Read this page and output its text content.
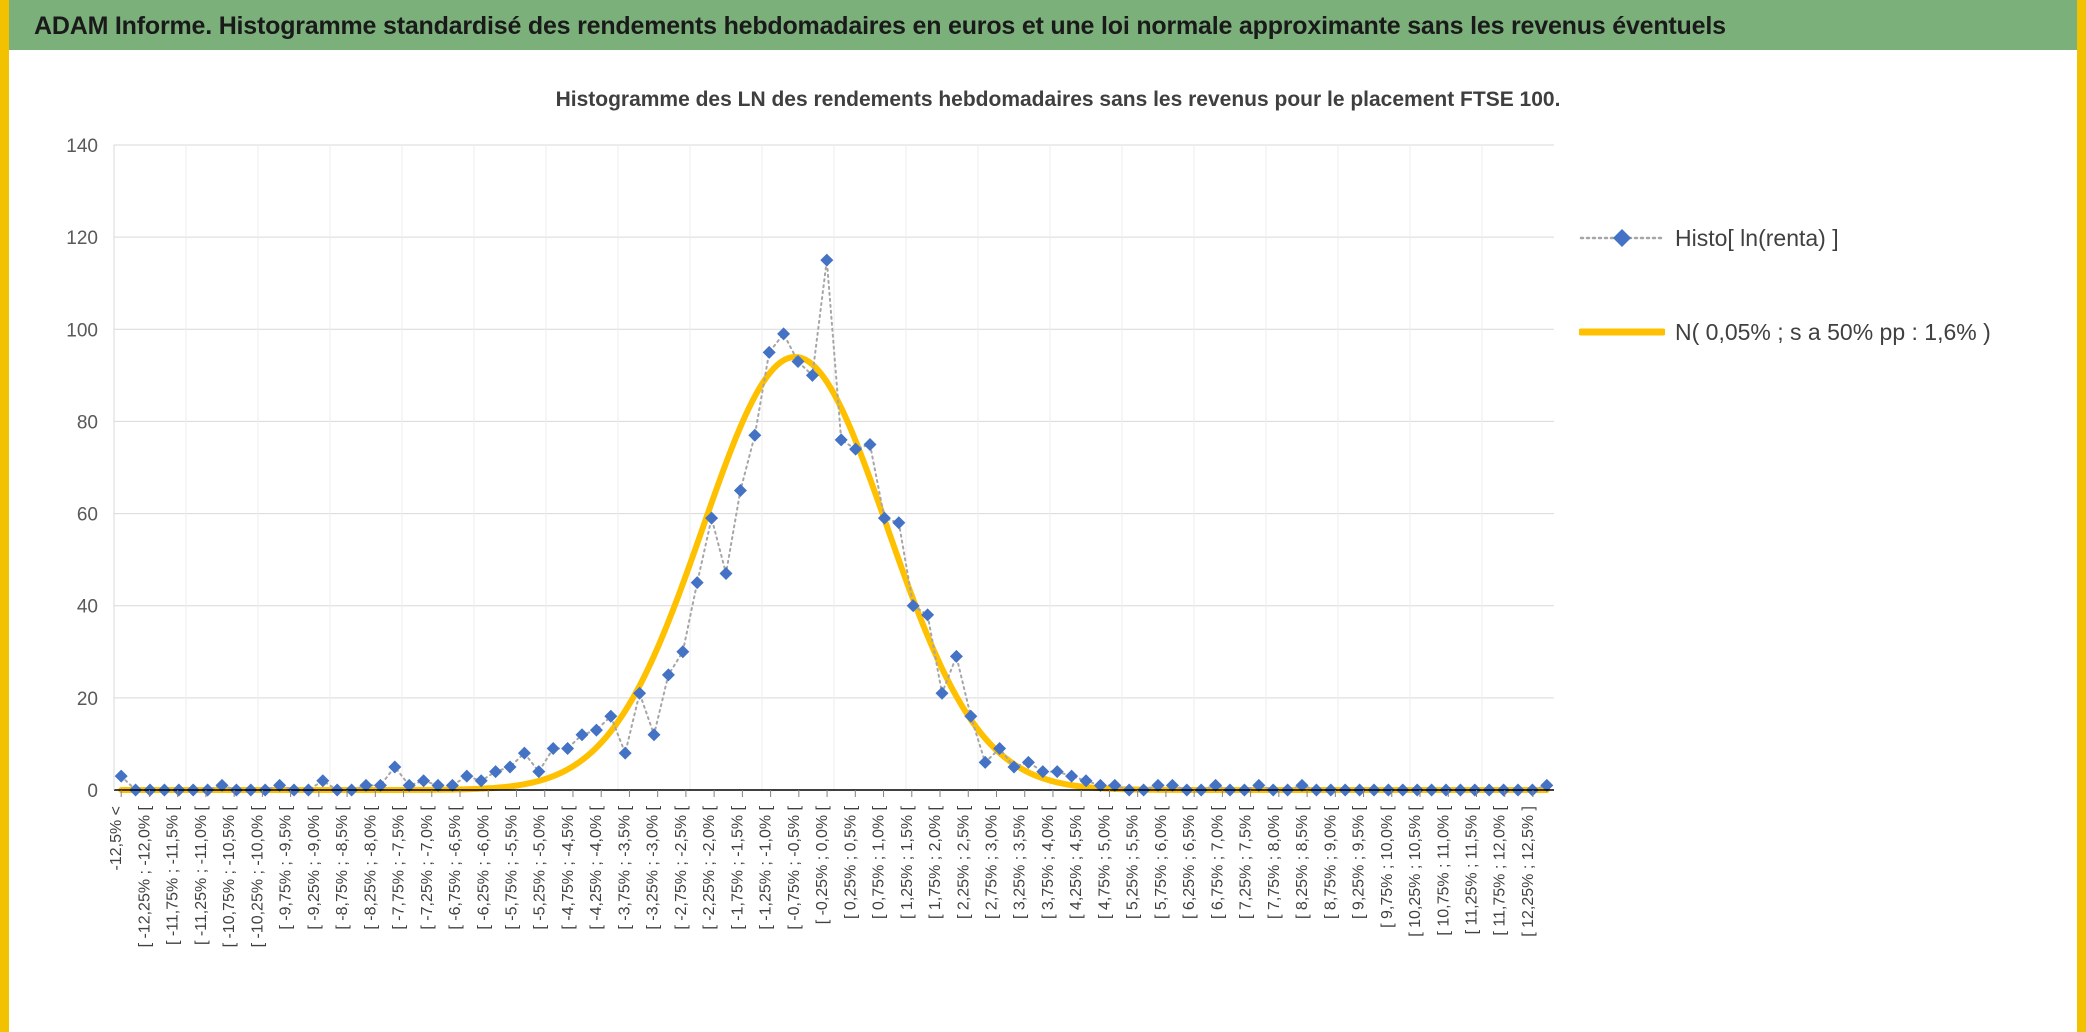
ADAM Informe. Histogramme standardisé des rendements hebdomadaires en euros et une loi normale approximante sans les revenus éventuels
Histogramme des LN des rendements hebdomadaires sans les revenus pour le placement FTSE 100.
0
20
40
60
80
100
120
140
-12,5% < [ -12,25% ; -12,0% [ [ -11,75% ; -11,5% [ [ -11,25% ; -11,0% [ [ -10,75% ; -10,5% [ [ -10,25% ; -10,0% [ [ -9,75% ; -9,5% [ [ -9,25% ; -9,0% [ [ -8,75% ; -8,5% [ [ -8,25% ; -8,0% [ [ -7,75% ; -7,5% [ [ -7,25% ; -7,0% [ [ -6,75% ; -6,5% [ [ -6,25% ; -6,0% [ [ -5,75% ; -5,5% [ [ -5,25% ; -5,0% [ [ -4,75% ; -4,5% [ [ -4,25% ; -4,0% [ [ -3,75% ; -3,5% [ [ -3,25% ; -3,0% [ [ -2,75% ; -2,5% [ [ -2,25% ; -2,0% [ [ -1,75% ; -1,5% [ [ -1,25% ; -1,0% [ [ -0,75% ; -0,5% [ [ -0,25% ; 0,0% [ [ 0,25% ; 0,5% [ [ 0,75% ; 1,0% [ [ 1,25% ; 1,5% [ [ 1,75% ; 2,0% [ [ 2,25% ; 2,5% [ [ 2,75% ; 3,0% [ [ 3,25% ; 3,5% [ [ 3,75% ; 4,0% [ [ 4,25% ; 4,5% [ [ 4,75% ; 5,0% [ [ 5,25% ; 5,5% [ [ 5,75% ; 6,0% [ [ 6,25% ; 6,5% [ [ 6,75% ; 7,0% [ [ 7,25% ; 7,5% [ [ 7,75% ; 8,0% [ [ 8,25% ; 8,5% [ [ 8,75% ; 9,0% [ [ 9,25% ; 9,5% [ [ 9,75% ; 10,0% [ [ 10,25% ; 10,5% [ [ 10,75% ; 11,0% [ [ 11,25% ; 11,5% [ [ 11,75% ; 12,0% [ [ 12,25% ; 12,5% ]
Histo[ ln(renta) ]
N( 0,05% ; s a 50% pp : 1,6% )
